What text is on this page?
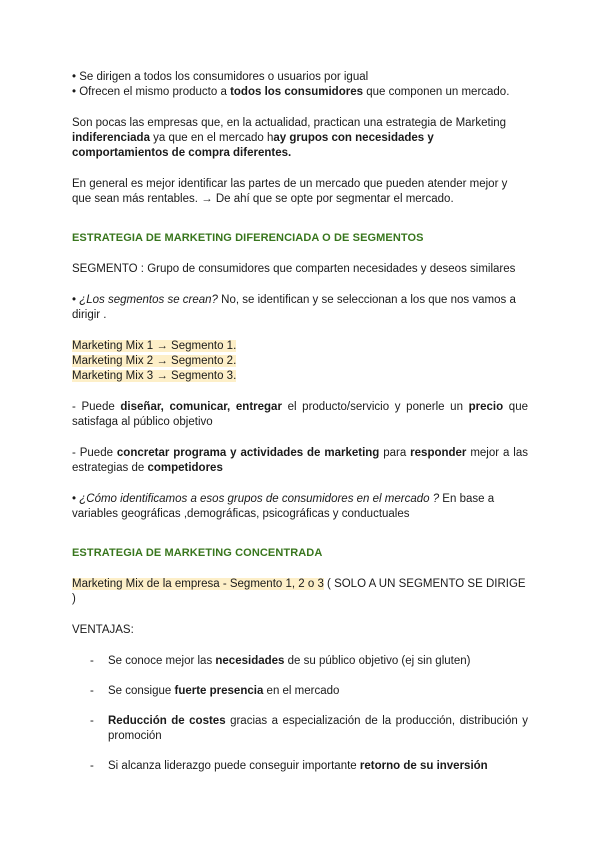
• Se dirigen a todos los consumidores o usuarios por igual

• Ofrecen el mismo producto a todos los consumidores que componen un mercado.

Son pocas las empresas que, en la actualidad, practican una estrategia de Marketing indiferenciada ya que en el mercado hay grupos con necesidades y comportamientos de compra diferentes.

En general es mejor identificar las partes de un mercado que pueden atender mejor y que sean más rentables. → De ahí que se opte por segmentar el mercado.

ESTRATEGIA DE MARKETING DIFERENCIADA O DE SEGMENTOS

SEGMENTO : Grupo de consumidores que comparten necesidades y deseos similares

• ¿Los segmentos se crean? No, se identifican y se seleccionan a los que nos vamos a dirigir .

Marketing Mix 1 → Segmento 1.

Marketing Mix 2 → Segmento 2.

Marketing Mix 3 → Segmento 3.

- Puede diseñar, comunicar, entregar el producto/servicio y ponerle un precio que satisfaga al público objetivo

- Puede concretar programa y actividades de marketing para responder mejor a las estrategias de competidores

• ¿Cómo identificamos a esos grupos de consumidores en el mercado ? En base a variables geográficas ,demográficas, psicográficas y conductuales

ESTRATEGIA DE MARKETING CONCENTRADA

Marketing Mix de la empresa - Segmento 1, 2 o 3 ( SOLO A UN SEGMENTO SE DIRIGE )

VENTAJAS:

- Se conoce mejor las necesidades de su público objetivo (ej sin gluten)
- Se consigue fuerte presencia en el mercado
- Reducción de costes gracias a especialización de la producción, distribución y promoción
- Si alcanza liderazgo puede conseguir importante retorno de su inversión
